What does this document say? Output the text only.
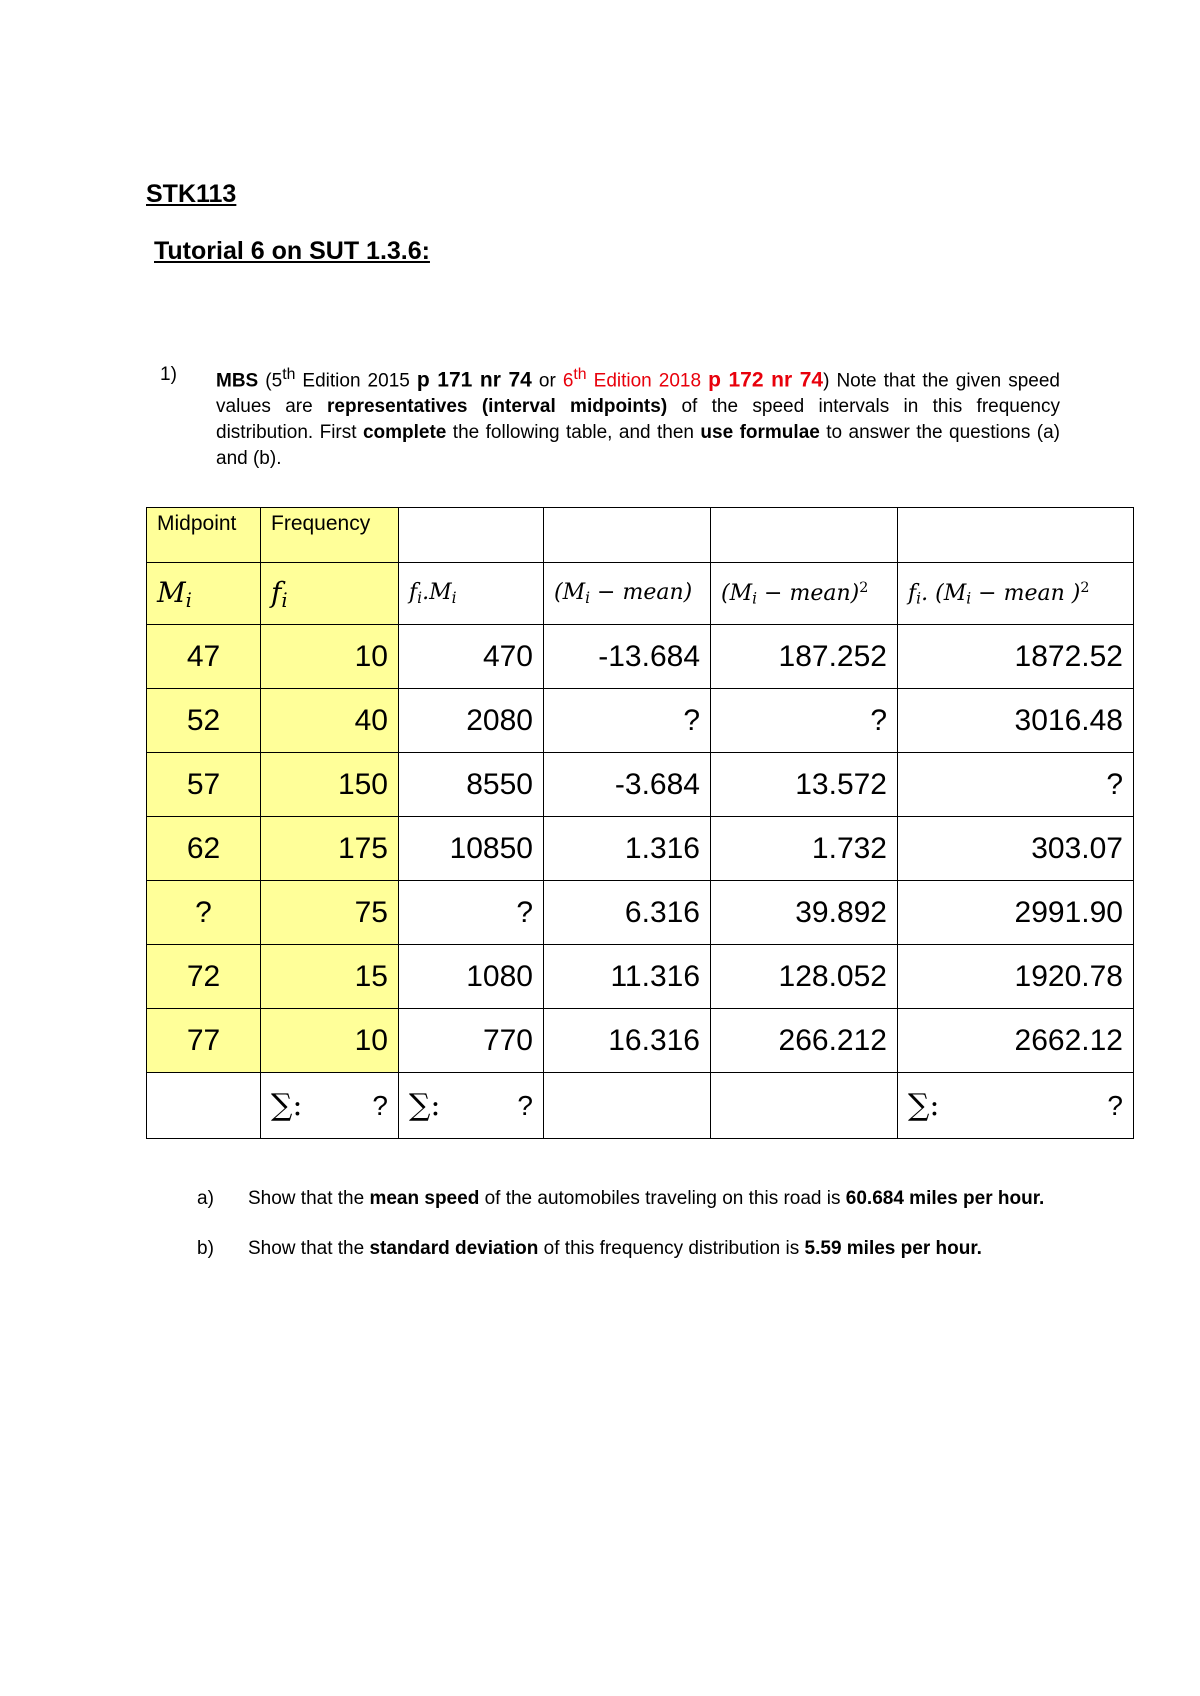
STK113
Tutorial 6 on SUT 1.3.6:
1) MBS (5th Edition 2015 p 171 nr 74 or 6th Edition 2018 p 172 nr 74) Note that the given speed values are representatives (interval midpoints) of the speed intervals in this frequency distribution. First complete the following table, and then use formulae to answer the questions (a) and (b).
Midpoint	Frequency				
$M_i$	$f_i$	$f_i.M_i$	($M_i$ − mean)	($M_i$ − mean)$^2$	$f_i$. ($M_i$ − mean )$^2$
47	10	470	-13.684	187.252	1872.52
52	40	2080	?	?	3016.48
57	150	8550	-3.684	13.572	?
62	175	10850	1.316	1.732	303.07
?	75	?	6.316	39.892	2991.90
72	15	1080	11.316	128.052	1920.78
77	10	770	16.316	266.212	2662.12

	∑: ?	∑: ?			∑: ?
a) Show that the mean speed of the automobiles traveling on this road is 60.684 miles per hour.
b) Show that the standard deviation of this frequency distribution is 5.59 miles per hour.
